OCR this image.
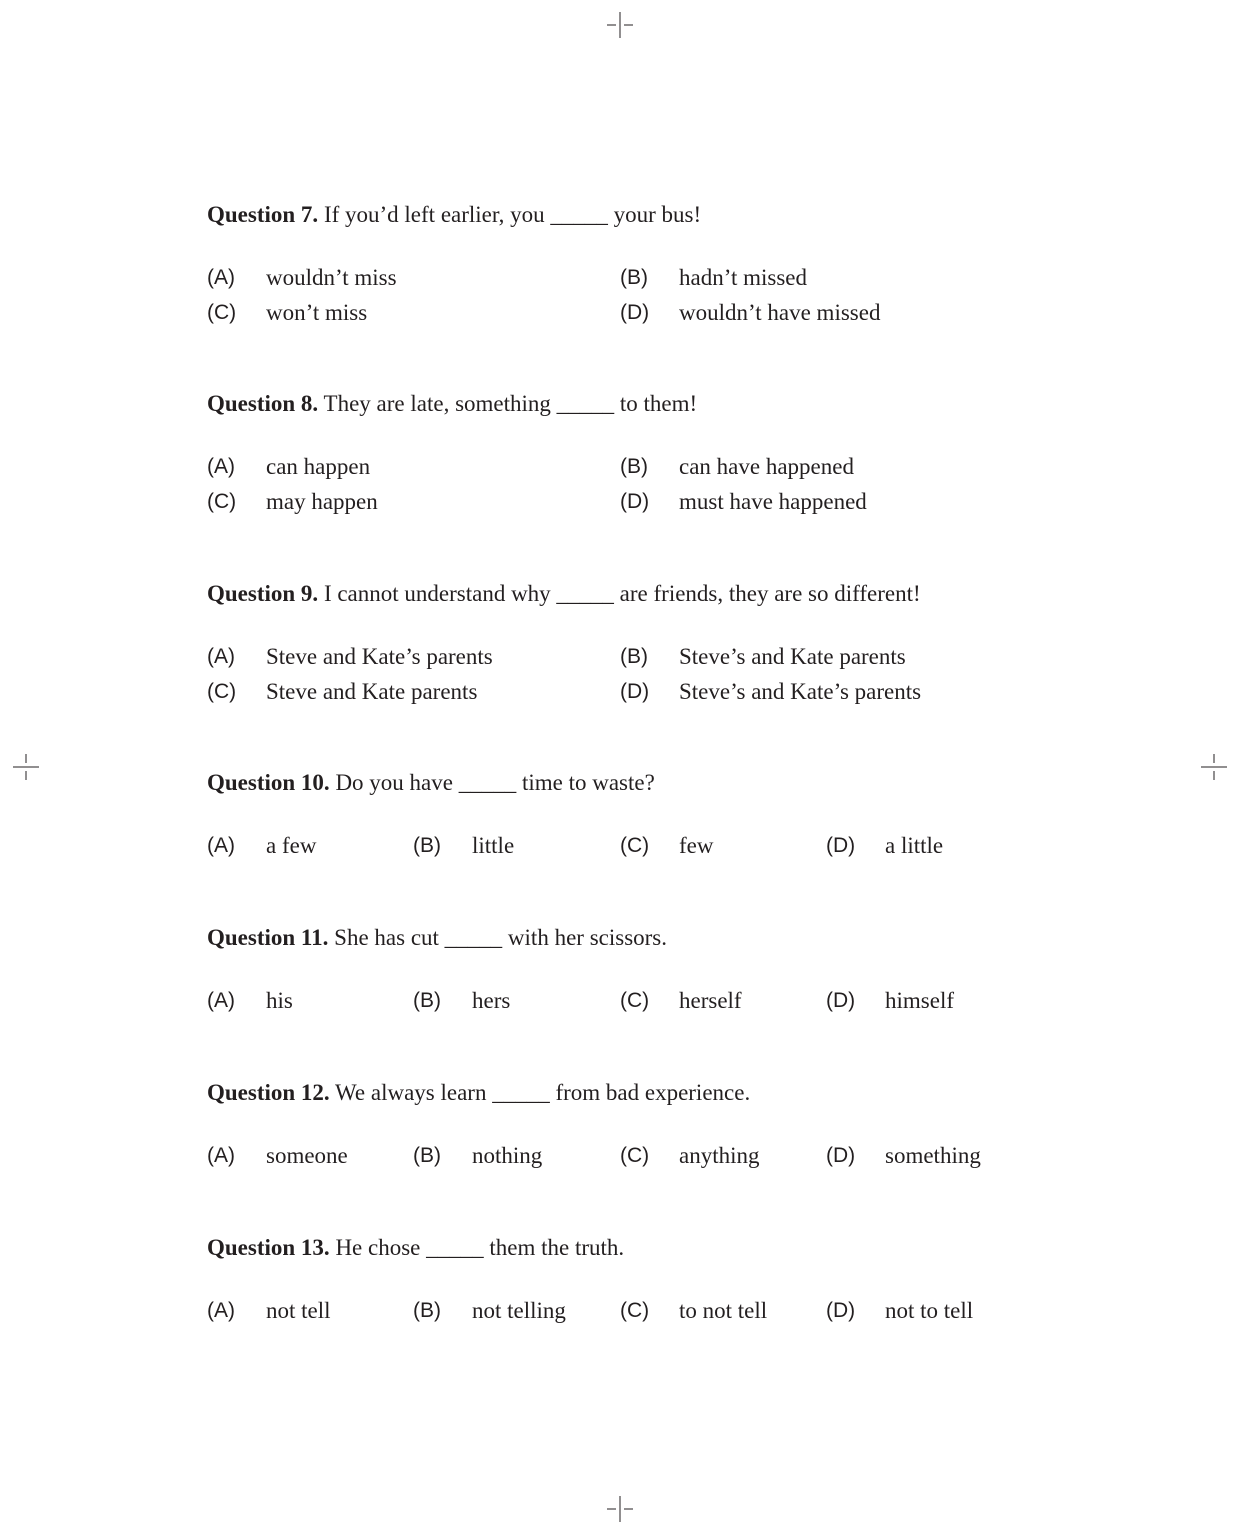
Question 7. If you’d left earlier, you _____ your bus!

(A) wouldn’t miss	(B) hadn’t missed
(C) won’t miss	(D) wouldn’t have missed

Question 8. They are late, something _____ to them!

(A) can happen	(B) can have happened
(C) may happen	(D) must have happened

Question 9. I cannot understand why _____ are friends, they are so different!

(A) Steve and Kate’s parents	(B) Steve’s and Kate parents
(C) Steve and Kate parents	(D) Steve’s and Kate’s parents

Question 10. Do you have _____ time to waste?

(A) a few	(B) little	(C) few	(D) a little

Question 11. She has cut _____ with her scissors.

(A) his	(B) hers	(C) herself	(D) himself

Question 12. We always learn _____ from bad experience.

(A) someone	(B) nothing	(C) anything	(D) something

Question 13. He chose _____ them the truth.

(A) not tell	(B) not telling	(C) to not tell	(D) not to tell
